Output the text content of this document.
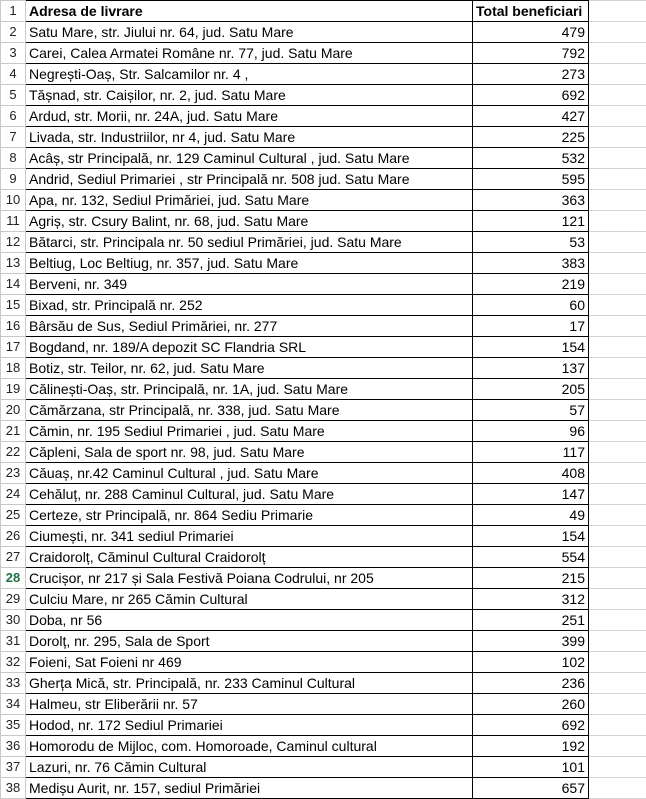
1	Adresa de livrare	Total beneficiari	
2	Satu Mare, str. Jiului nr. 64, jud. Satu Mare	479	
3	Carei, Calea Armatei Române nr. 77, jud. Satu Mare	792	
4	Negrești-Oaș, Str. Salcamilor nr. 4 ,	273	
5	Tășnad, str. Caișilor, nr. 2, jud. Satu Mare	692	
6	Ardud, str. Morii, nr. 24A, jud. Satu Mare	427	
7	Livada, str. Industriilor, nr 4, jud. Satu Mare	225	
8	Acâș, str Principală, nr. 129 Caminul Cultural , jud. Satu Mare	532	
9	Andrid, Sediul Primariei , str Principală nr. 508 jud. Satu Mare	595	
10	Apa, nr. 132, Sediul Primăriei, jud. Satu Mare	363	
11	Agriș, str. Csury Balint, nr. 68, jud. Satu Mare	121	
12	Bătarci, str. Principala nr. 50 sediul Primăriei, jud. Satu Mare	53	
13	Beltiug, Loc Beltiug, nr. 357, jud. Satu Mare	383	
14	Berveni, nr. 349	219	
15	Bixad, str. Principală nr. 252	60	
16	Bârsău de Sus, Sediul Primăriei, nr. 277	17	
17	Bogdand, nr. 189/A depozit SC Flandria SRL	154	
18	Botiz, str. Teilor, nr. 62, jud. Satu Mare	137	
19	Călinești-Oaș, str. Principală, nr. 1A, jud. Satu Mare	205	
20	Cămărzana, str Principală, nr. 338, jud. Satu Mare	57	
21	Cămin, nr. 195 Sediul Primariei , jud. Satu Mare	96	
22	Căpleni, Sala de sport nr. 98, jud. Satu Mare	117	
23	Căuaș, nr.42 Caminul Cultural , jud. Satu Mare	408	
24	Cehăluț, nr. 288 Caminul Cultural, jud. Satu Mare	147	
25	Certeze, str Principală, nr. 864 Sediu Primarie	49	
26	Ciumești, nr. 341 sediul Primariei	154	
27	Craidorolț, Căminul Cultural Craidorolț	554	
28	Crucișor, nr 217 și Sala Festivă Poiana Codrului, nr 205	215	
29	Culciu Mare, nr 265 Cămin Cultural	312	
30	Doba, nr 56	251	
31	Dorolț, nr. 295, Sala de Sport	399	
32	Foieni, Sat Foieni nr 469	102	
33	Gherța Mică, str. Principală, nr. 233 Caminul Cultural	236	
34	Halmeu, str Eliberării nr. 57	260	
35	Hodod, nr. 172 Sediul Primariei	692	
36	Homorodu de Mijloc, com. Homoroade, Caminul cultural	192	
37	Lazuri, nr. 76 Cămin Cultural	101	
38	Medișu Aurit, nr. 157, sediul Primăriei	657	
